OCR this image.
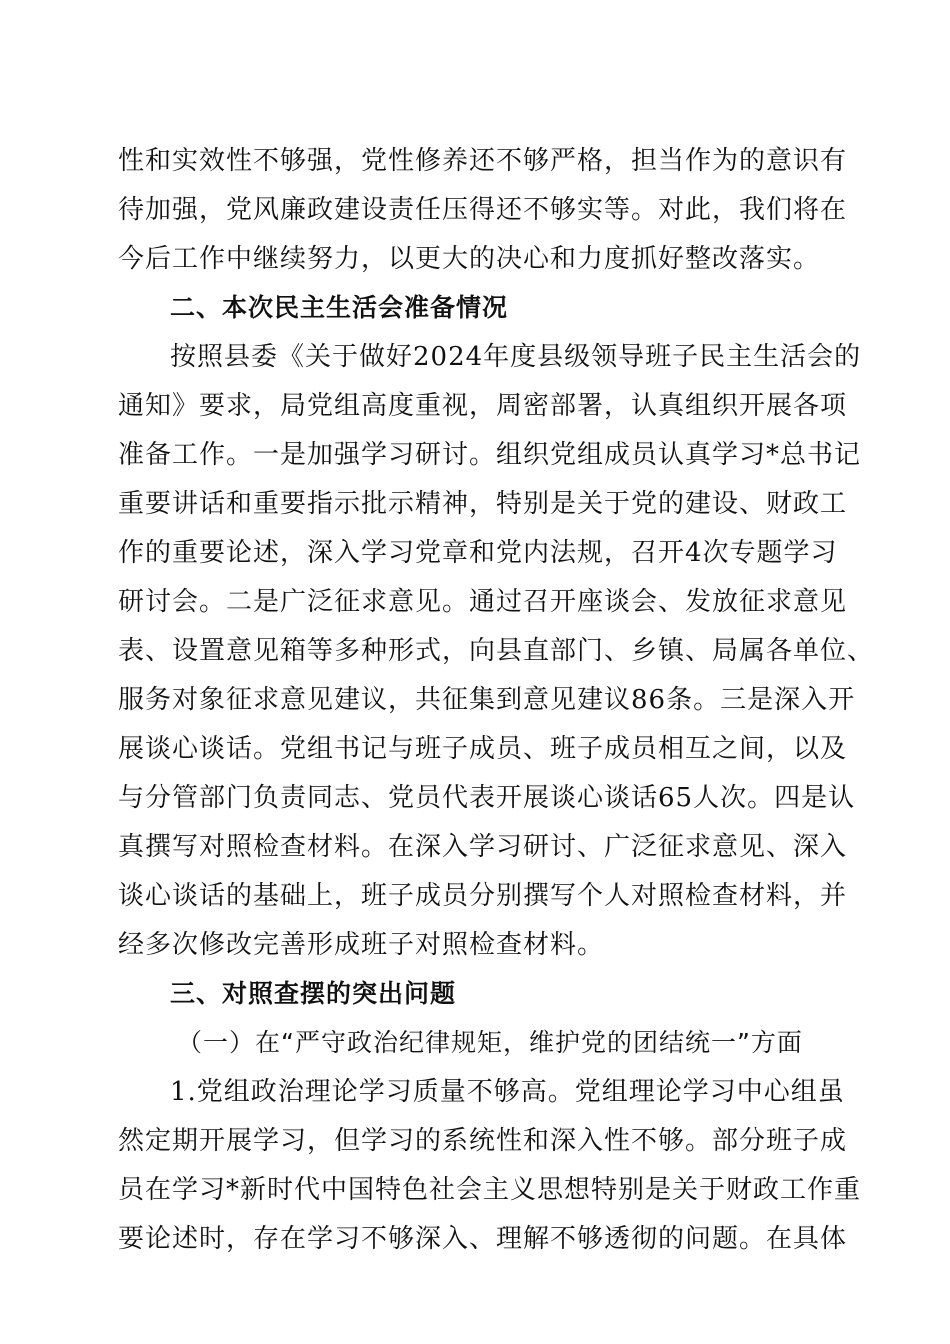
性和实效性不够强，党性修养还不够严格，担当作为的意识有
待加强，党风廉政建设责任压得还不够实等。对此，我们将在
今后工作中继续努力，以更大的决心和力度抓好整改落实。
二、本次民主生活会准备情况
按照县委《关于做好2024年度县级领导班子民主生活会的
通知》要求，局党组高度重视，周密部署，认真组织开展各项
准备工作。一是加强学习研讨。组织党组成员认真学习*总书记
重要讲话和重要指示批示精神，特别是关于党的建设、财政工
作的重要论述，深入学习党章和党内法规，召开4次专题学习
研讨会。二是广泛征求意见。通过召开座谈会、发放征求意见
表、设置意见箱等多种形式，向县直部门、乡镇、局属各单位、
服务对象征求意见建议，共征集到意见建议86条。三是深入开
展谈心谈话。党组书记与班子成员、班子成员相互之间，以及
与分管部门负责同志、党员代表开展谈心谈话65人次。四是认
真撰写对照检查材料。在深入学习研讨、广泛征求意见、深入
谈心谈话的基础上，班子成员分别撰写个人对照检查材料，并
经多次修改完善形成班子对照检查材料。
三、对照查摆的突出问题
（一）在“严守政治纪律规矩，维护党的团结统一”方面
1.党组政治理论学习质量不够高。党组理论学习中心组虽
然定期开展学习，但学习的系统性和深入性不够。部分班子成
员在学习*新时代中国特色社会主义思想特别是关于财政工作重
要论述时，存在学习不够深入、理解不够透彻的问题。在具体
